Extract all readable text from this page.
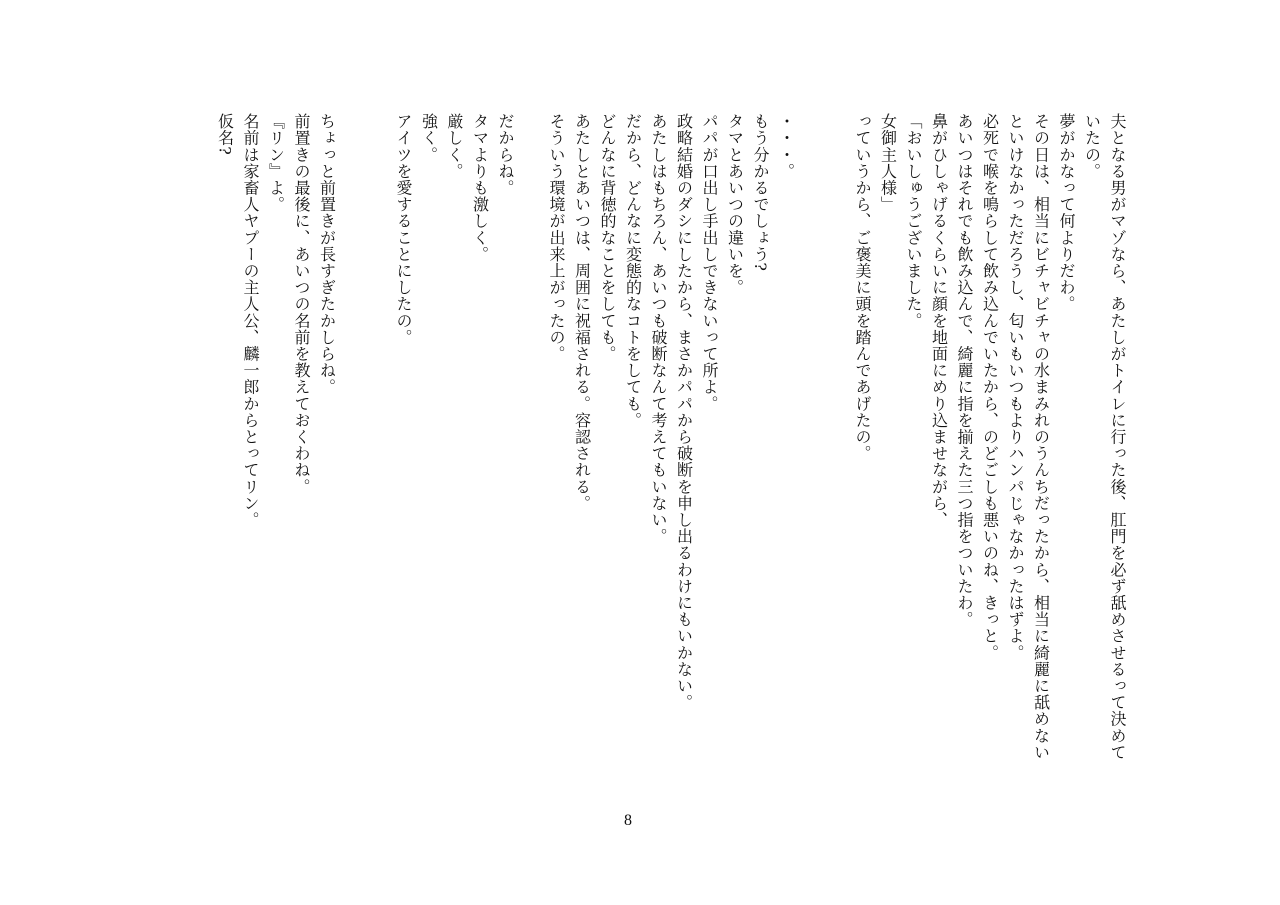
夫となる男がマゾなら、あたしがトイレに行った後、肛門を必ず舐めさせるって決めて
いたの。
夢がかなって何よりだわ。
その日は、相当にビチャビチャの水まみれのうんちだったから、相当に綺麗に舐めない
といけなかっただろうし、匂いもいつもよりハンパじゃなかったはずよ。
必死で喉を鳴らして飲み込んでいたから、のどごしも悪いのね、きっと。
あいつはそれでも飲み込んで、綺麗に指を揃えた三つ指をついたわ。
鼻がひしゃげるくらいに顔を地面にめり込ませながら、
「おいしゅうございました。
女御主人様」
っていうから、ご褒美に頭を踏んであげたの。
・・・。
もう分かるでしょう?
タマとあいつの違いを。
パパが口出し手出しできないって所よ。
政略結婚のダシにしたから、まさかパパから破断を申し出るわけにもいかない。
あたしはもちろん、あいつも破断なんて考えてもいない。
だから、どんなに変態的なコトをしても。
どんなに背徳的なことをしても。
あたしとあいつは、周囲に祝福される。容認される。
そういう環境が出来上がったの。
だからね。
タマよりも激しく。
厳しく。
強く。
アイツを愛することにしたの。
ちょっと前置きが長すぎたかしらね。
前置きの最後に、あいつの名前を教えておくわね。
『リン』よ。
名前は家畜人ヤプーの主人公、麟一郎からとってリン。
仮名?
8
